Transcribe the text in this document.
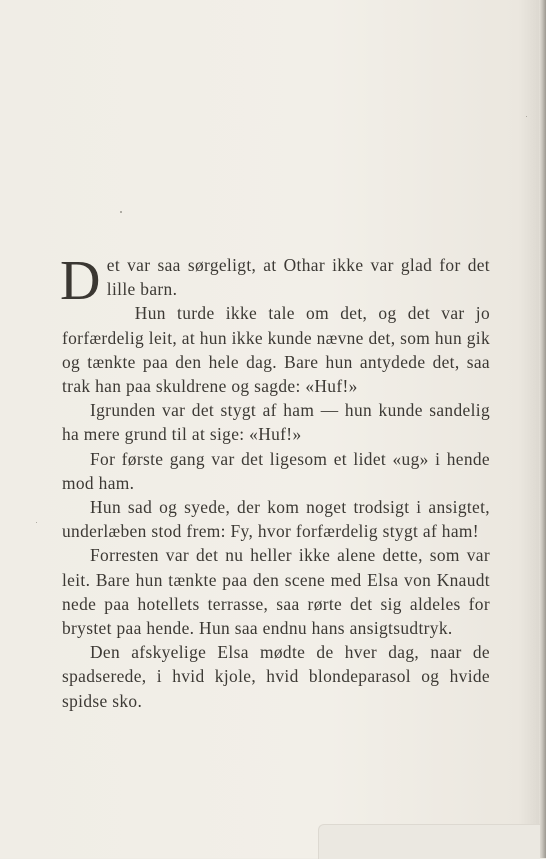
D et var saa sørgeligt, at Othar ikke var glad for det lille barn.

Hun turde ikke tale om det, og det var jo forfærdelig leit, at hun ikke kunde nævne det, som hun gik og tænkte paa den hele dag. Bare hun antydede det, saa trak han paa skuldrene og sagde: «Huf!»

Igrunden var det stygt af ham — hun kunde sandelig ha mere grund til at sige: «Huf!»

For første gang var det ligesom et lidet «ug» i hende mod ham.

Hun sad og syede, der kom noget trodsigt i ansigtet, underlæben stod frem: Fy, hvor forfærdelig stygt af ham!

Forresten var det nu heller ikke alene dette, som var leit. Bare hun tænkte paa den scene med Elsa von Knaudt nede paa hotellets terrasse, saa rørte det sig aldeles for brystet paa hende. Hun saa endnu hans ansigtsudtryk.

Den afskyelige Elsa mødte de hver dag, naar de spadserede, i hvid kjole, hvid blondeparasol og hvide spidse sko.
